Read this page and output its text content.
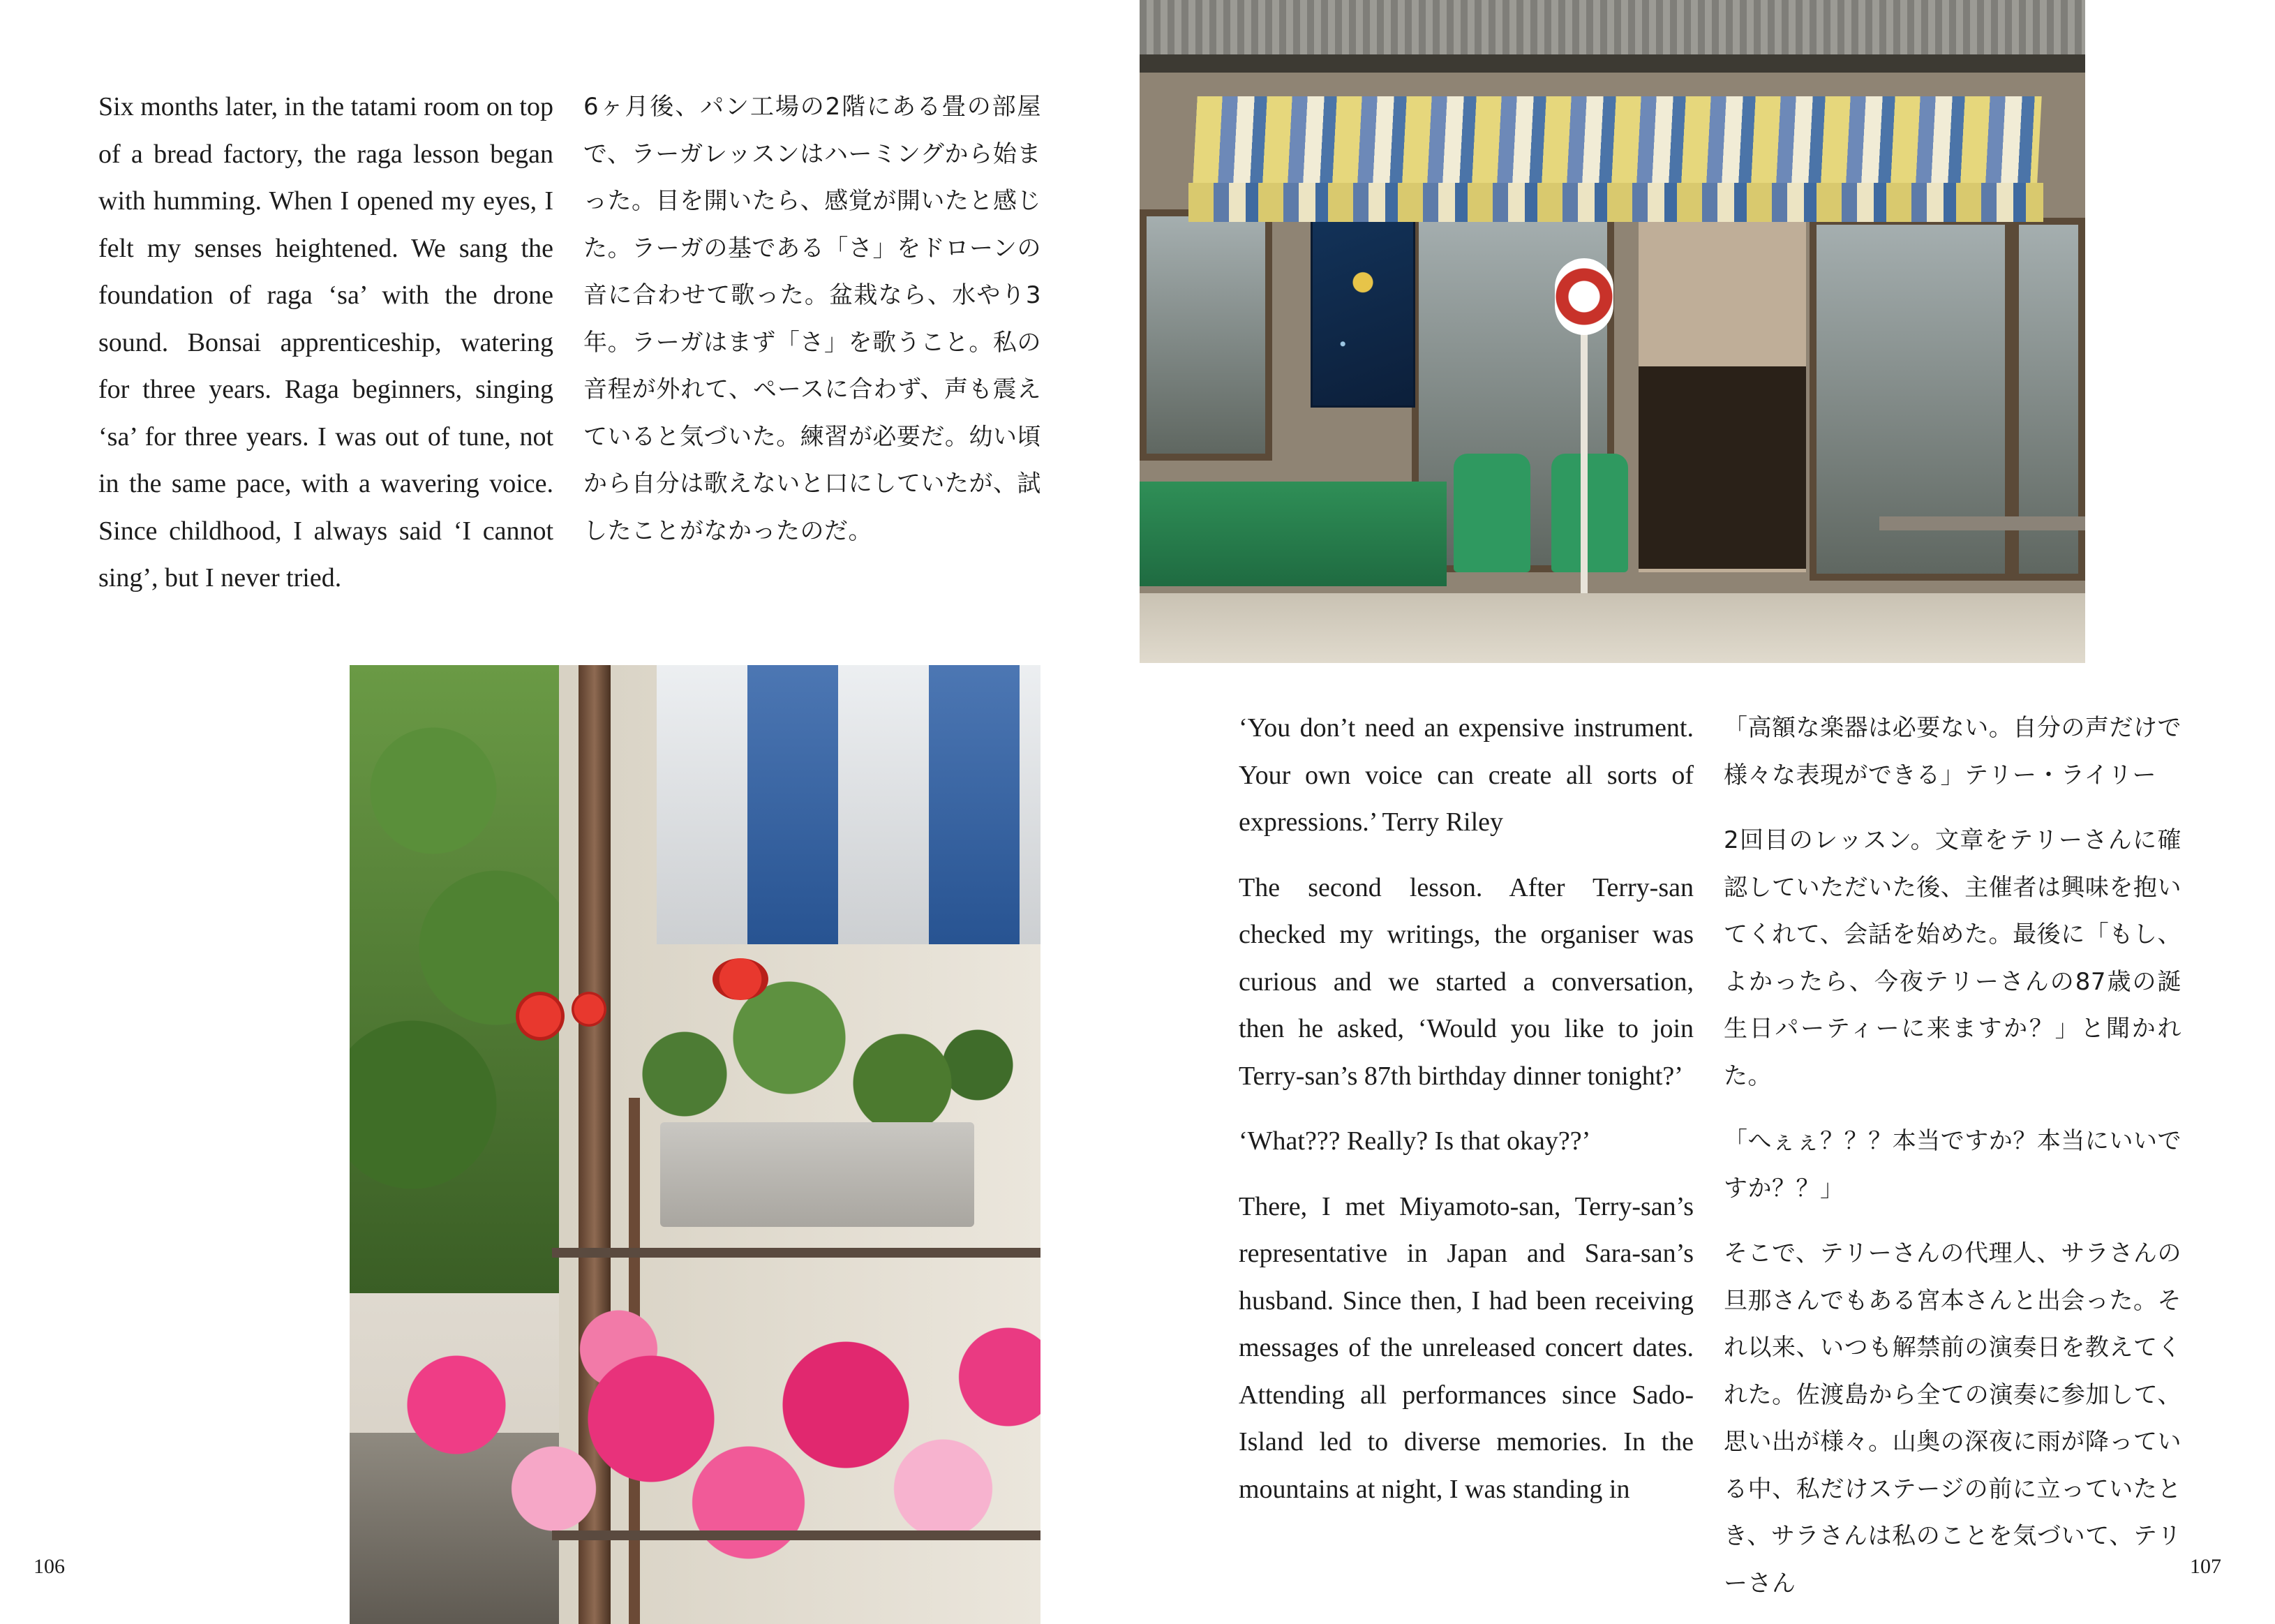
Six months later, in the tatami room on top of a bread factory, the raga lesson began with humming. When I opened my eyes, I felt my senses heightened. We sang the foundation of raga ‘sa’ with the drone sound. Bonsai apprenticeship, watering for three years. Raga beginners, singing ‘sa’ for three years. I was out of tune, not in the same pace, with a wavering voice. Since childhood, I always said ‘I cannot sing’, but I never tried.

6ヶ月後、パン工場の2階にある畳の部屋で、ラーガレッスンはハーミングから始まった。目を開いたら、感覚が開いたと感じた。ラーガの基である「さ」をドローンの音に合わせて歌った。盆栽なら、水やり3年。ラーガはまず「さ」を歌うこと。私の音程が外れて、ペースに合わず、声も震えていると気づいた。練習が必要だ。幼い頃から自分は歌えないと口にしていたが、試したことがなかったのだ。

106

‘You don’t need an expensive instrument. Your own voice can create all sorts of expressions.’ Terry Riley

The second lesson. After Terry-san checked my writings, the organiser was curious and we started a conversation, then he asked, ‘Would you like to join Terry-san’s 87th birthday dinner tonight?’

‘What??? Really? Is that okay??’

There, I met Miyamoto-san, Terry-san’s representative in Japan and Sara-san’s husband. Since then, I had been receiving messages of the unreleased concert dates. Attending all performances since Sado-Island led to diverse memories. In the mountains at night, I was standing in

「高額な楽器は必要ない。自分の声だけで様々な表現ができる」テリー・ライリー

2回目のレッスン。文章をテリーさんに確認していただいた後、主催者は興味を抱いてくれて、会話を始めた。最後に「もし、よかったら、今夜テリーさんの87歳の誕生日パーティーに来ますか？」と聞かれた。

「へぇぇ？？？本当ですか？本当にいいですか？？」

そこで、テリーさんの代理人、サラさんの旦那さんでもある宮本さんと出会った。それ以来、いつも解禁前の演奏日を教えてくれた。佐渡島から全ての演奏に参加して、思い出が様々。山奥の深夜に雨が降っている中、私だけステージの前に立っていたとき、サラさんは私のことを気づいて、テリーさん

107
